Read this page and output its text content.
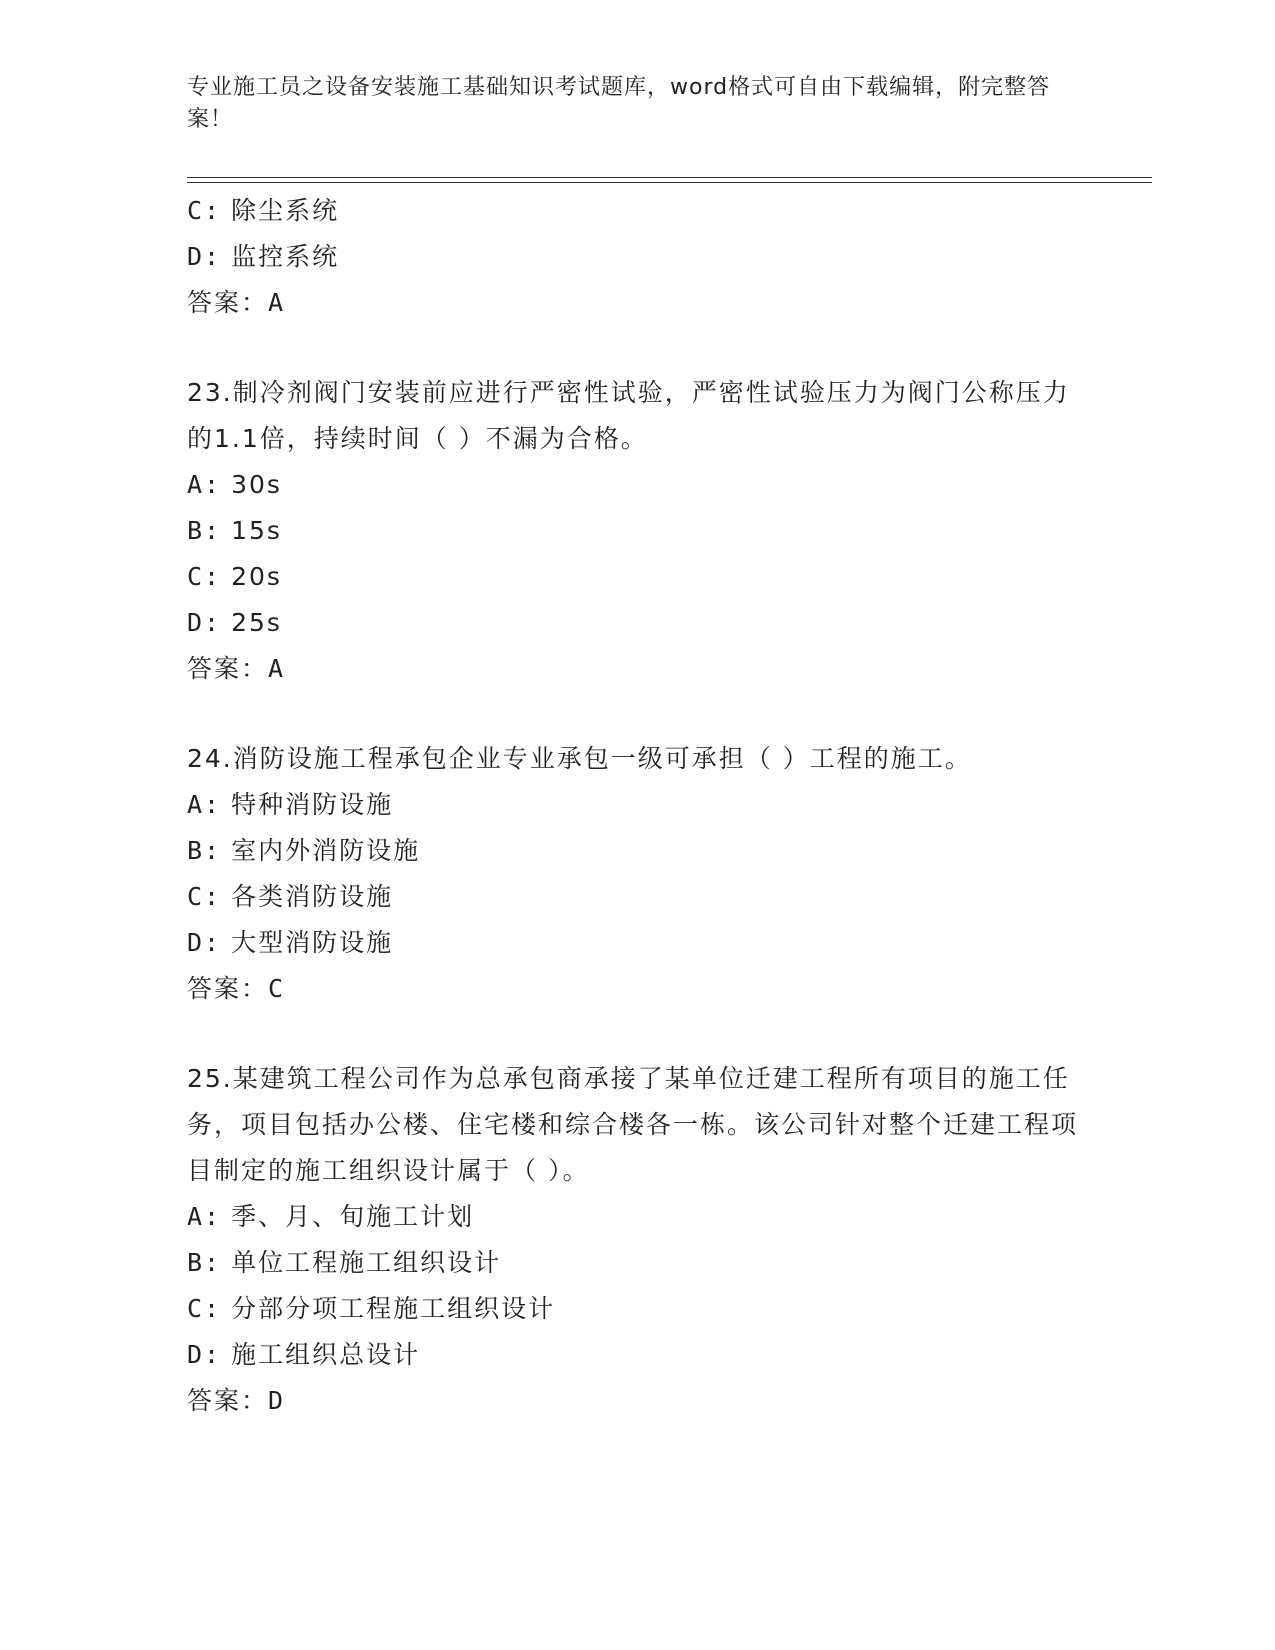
专业施工员之设备安装施工基础知识考试题库，word格式可自由下载编辑，附完整答案！
C: 除尘系统
D: 监控系统
答案：A
23.制冷剂阀门安装前应进行严密性试验，严密性试验压力为阀门公称压力的1.1倍，持续时间（ ）不漏为合格。
A: 30s
B: 15s
C: 20s
D: 25s
答案：A
24.消防设施工程承包企业专业承包一级可承担（ ）工程的施工。
A: 特种消防设施
B: 室内外消防设施
C: 各类消防设施
D: 大型消防设施
答案：C
25.某建筑工程公司作为总承包商承接了某单位迁建工程所有项目的施工任务，项目包括办公楼、住宅楼和综合楼各一栋。该公司针对整个迁建工程项目制定的施工组织设计属于（ ）。
A: 季、月、旬施工计划
B: 单位工程施工组织设计
C: 分部分项工程施工组织设计
D: 施工组织总设计
答案：D
